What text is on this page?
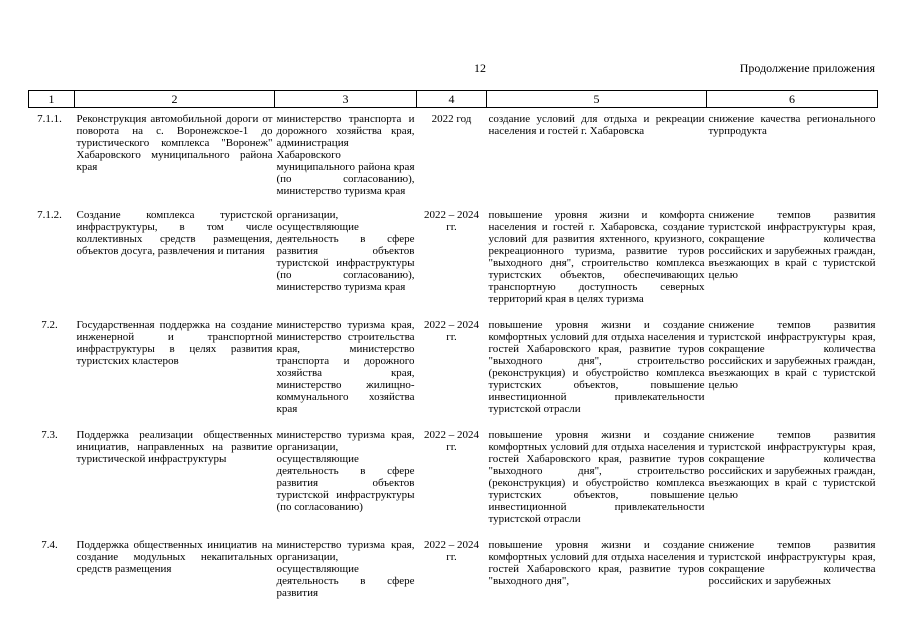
12	Продолжение приложения
1	2	3	4	5	6
7.1.1.	Реконструкция автомобильной дороги от поворота на с. Воронежское-1 до туристического комплекса "Воронеж" Хабаровского муниципального района края	министерство транспорта и дорожного хозяйства края, администрация Хабаровского муниципального района края (по согласованию), министерство туризма края	2022 год	создание условий для отдыха и рекреации населения и гостей г. Хабаровска	снижение качества регионального турпродукта
7.1.2.	Создание комплекса туристской инфраструктуры, в том числе коллективных средств размещения, объектов досуга, развлечения и питания	организации, осуществляющие деятельность в сфере развития объектов туристской инфраструктуры (по согласованию), министерство туризма края	2022 – 2024 гг.	повышение уровня жизни и комфорта населения и гостей г. Хабаровска, создание условий для развития яхтенного, круизного, рекреационного туризма, развитие туров "выходного дня", строительство комплекса туристских объектов, обеспечивающих транспортную доступность северных территорий края в целях туризма	снижение темпов развития туристской инфраструктуры края, сокращение количества российских и зарубежных граждан, въезжающих в край с туристской целью
7.2.	Государственная поддержка на создание инженерной и транспортной инфраструктуры в целях развития туристских кластеров	министерство туризма края, министерство строительства края, министерство транспорта и дорожного хозяйства края, министерство жилищно-коммунального хозяйства края	2022 – 2024 гг.	повышение уровня жизни и создание комфортных условий для отдыха населения и гостей Хабаровского края, развитие туров "выходного дня", строительство (реконструкция) и обустройство комплекса туристских объектов, повышение инвестиционной привлекательности туристской отрасли	снижение темпов развития туристской инфраструктуры края, сокращение количества российских и зарубежных граждан, въезжающих в край с туристской целью
7.3.	Поддержка реализации общественных инициатив, направленных на развитие туристической инфраструктуры	министерство туризма края, организации, осуществляющие деятельность в сфере развития объектов туристской инфраструктуры (по согласованию)	2022 – 2024 гг.	повышение уровня жизни и создание комфортных условий для отдыха населения и гостей Хабаровского края, развитие туров "выходного дня", строительство (реконструкция) и обустройство комплекса туристских объектов, повышение инвестиционной привлекательности туристской отрасли	снижение темпов развития туристской инфраструктуры края, сокращение количества российских и зарубежных граждан, въезжающих в край с туристской целью
7.4.	Поддержка общественных инициатив на создание модульных некапитальных средств размещения	министерство туризма края, организации, осуществляющие деятельность в сфере развития	2022 – 2024 гг.	повышение уровня жизни и создание комфортных условий для отдыха населения и гостей Хабаровского края, развитие туров "выходного дня",	снижение темпов развития туристской инфраструктуры края, сокращение количества российских и зарубежных
